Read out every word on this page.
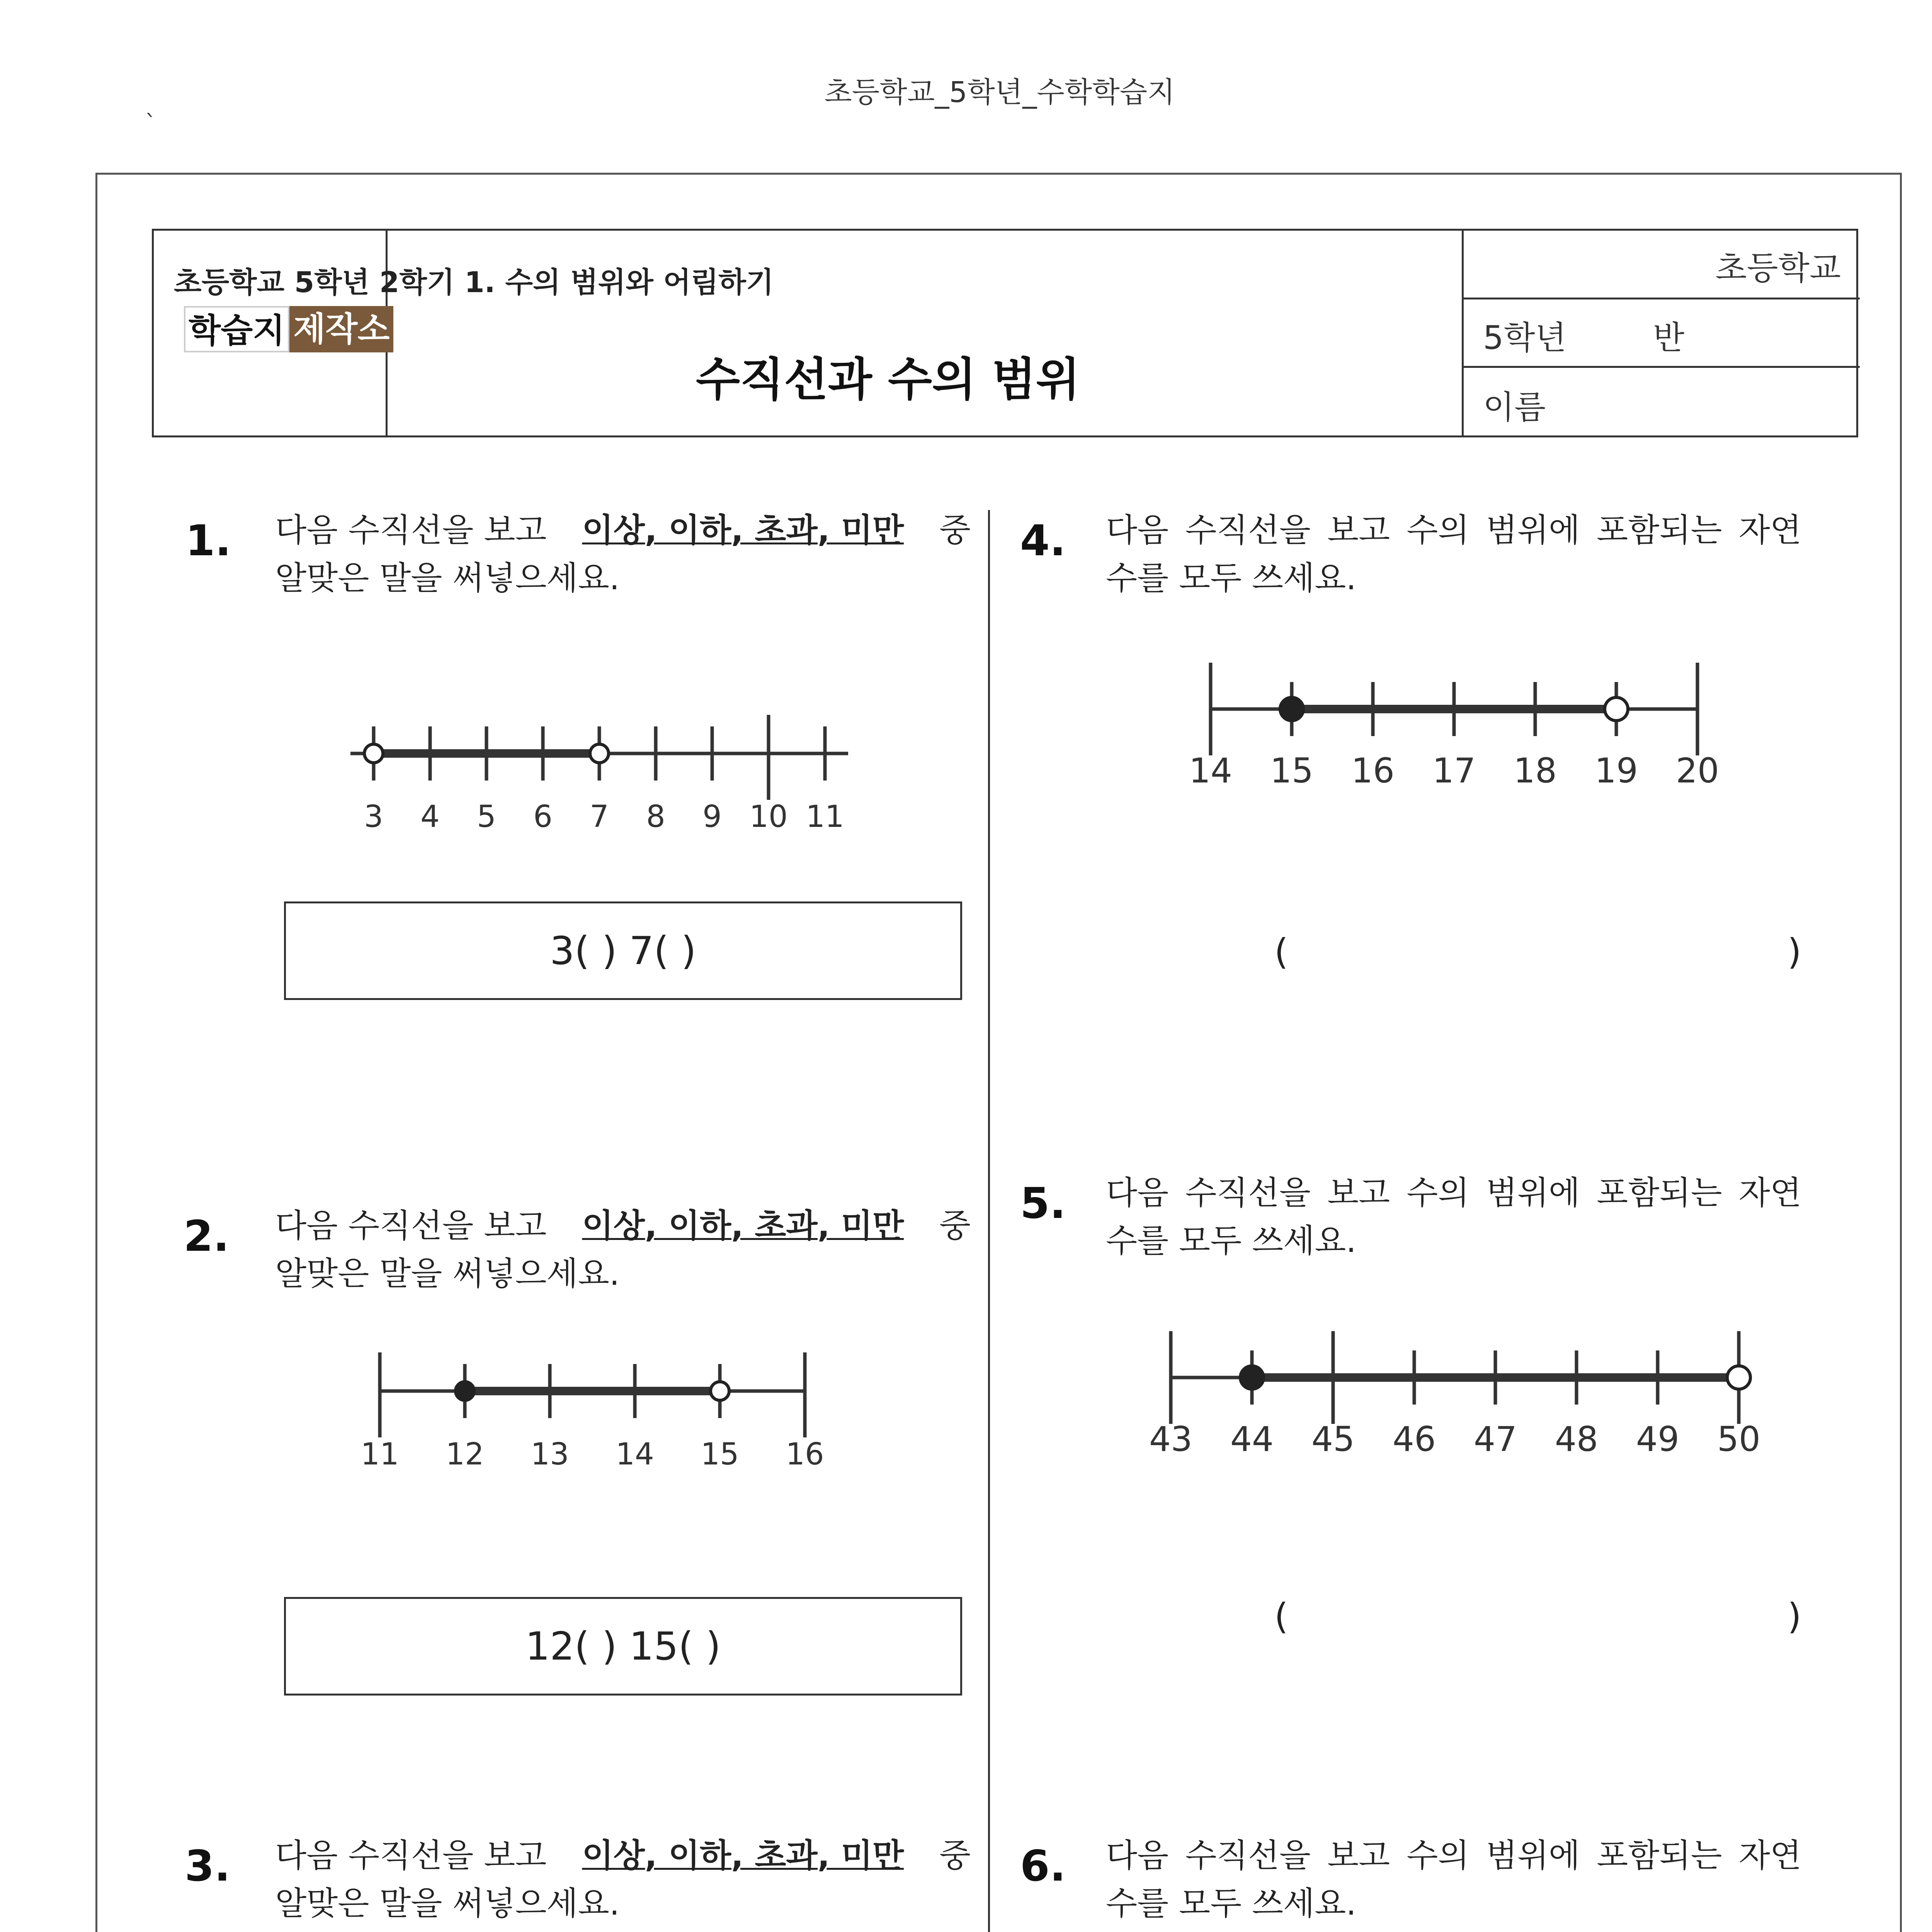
초등학교_5학년_수학학습지
`
학습지 제작소
초등학교 5학년 2학기 1. 수의 범위와 어림하기
수직선과 수의 범위
초등학교
5학년	반
이름
1. 다음 수직선을 보고 이상, 이하, 초과, 미만 중
알맞은 말을 써넣으세요.
3 4 5 6 7 8 9 10 11
3( ) 7( )
2. 다음 수직선을 보고 이상, 이하, 초과, 미만 중
알맞은 말을 써넣으세요.
11 12 13 14 15 16
12( ) 15( )
3. 다음 수직선을 보고 이상, 이하, 초과, 미만 중
알맞은 말을 써넣으세요.
4. 다음 수직선을 보고 수의 범위에 포함되는 자연
수를 모두 쓰세요.
14 15 16 17 18 19 20
(	)
5. 다음 수직선을 보고 수의 범위에 포함되는 자연
수를 모두 쓰세요.
43 44 45 46 47 48 49 50
(	)
6. 다음 수직선을 보고 수의 범위에 포함되는 자연
수를 모두 쓰세요.
